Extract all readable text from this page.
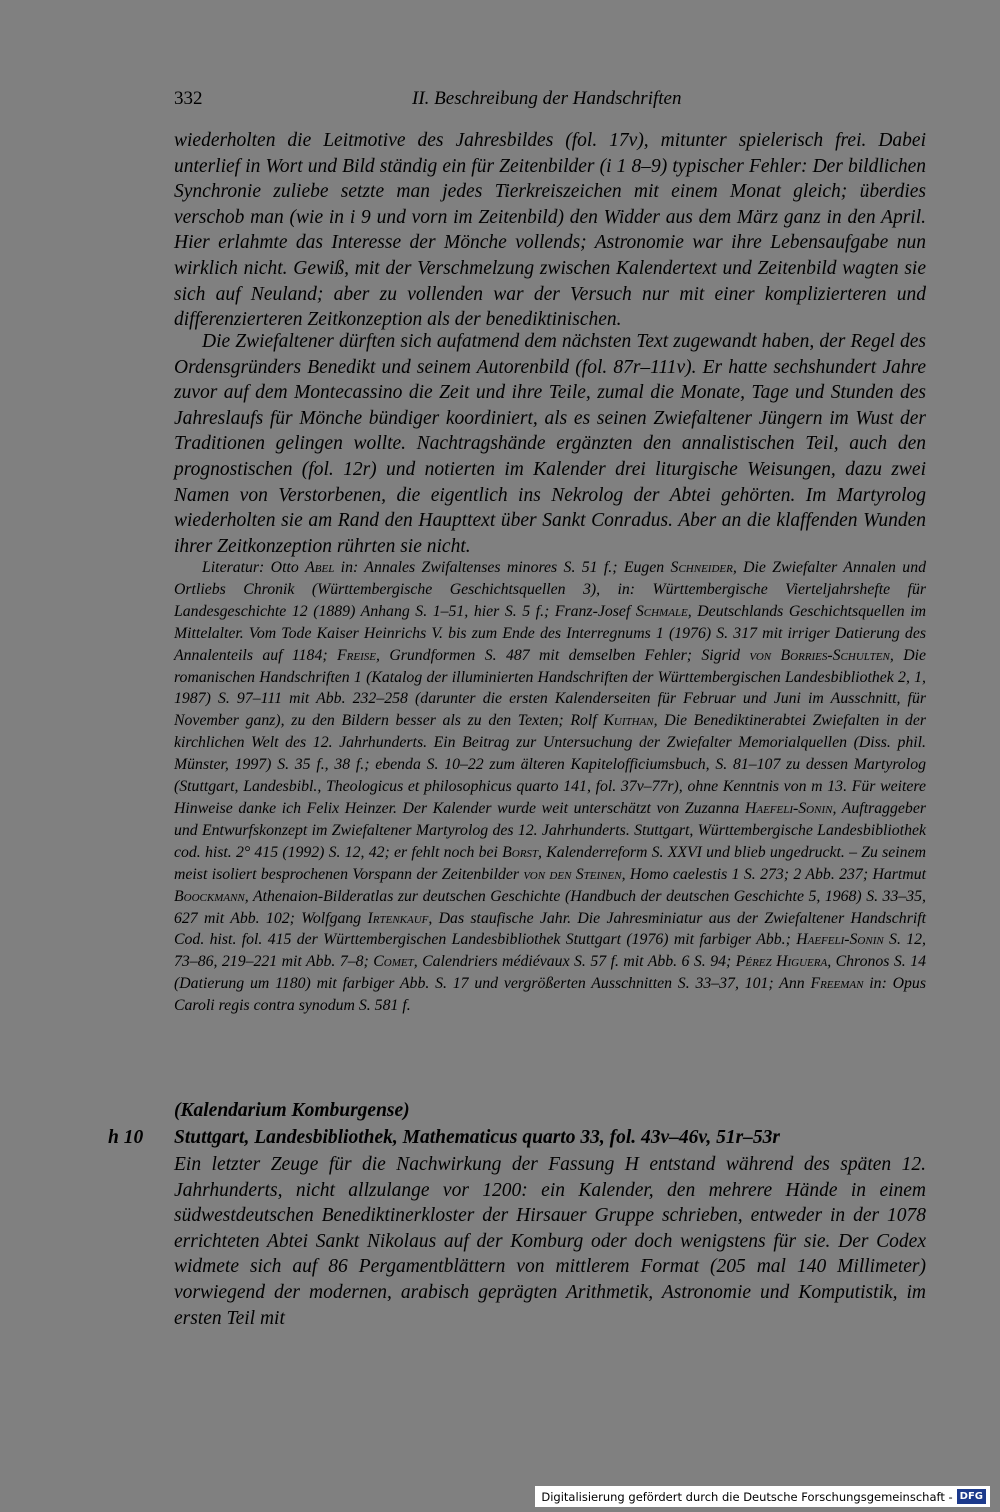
332	II. Beschreibung der Handschriften

wiederholten die Leitmotive des Jahresbildes (fol. 17v), mitunter spielerisch frei. Dabei unterlief in Wort und Bild ständig ein für Zeitenbilder (i 1 8–9) typischer Fehler: Der bildlichen Synchronie zuliebe setzte man jedes Tierkreiszeichen mit einem Monat gleich; überdies verschob man (wie in i 9 und vorn im Zeitenbild) den Widder aus dem März ganz in den April. Hier erlahmte das Interesse der Mönche vollends; Astronomie war ihre Lebensaufgabe nun wirklich nicht. Gewiß, mit der Verschmelzung zwischen Kalendertext und Zeitenbild wagten sie sich auf Neuland; aber zu vollenden war der Versuch nur mit einer komplizierteren und differenzierteren Zeitkonzeption als der benediktinischen.

Die Zwiefaltener dürften sich aufatmend dem nächsten Text zugewandt haben, der Regel des Ordensgründers Benedikt und seinem Autorenbild (fol. 87r–111v). Er hatte sechshundert Jahre zuvor auf dem Montecassino die Zeit und ihre Teile, zumal die Monate, Tage und Stunden des Jahreslaufs für Mönche bündiger koordiniert, als es seinen Zwiefaltener Jüngern im Wust der Traditionen gelingen wollte. Nachtragshände ergänzten den annalistischen Teil, auch den prognostischen (fol. 12r) und notierten im Kalender drei liturgische Weisungen, dazu zwei Namen von Verstorbenen, die eigentlich ins Nekrolog der Abtei gehörten. Im Martyrolog wiederholten sie am Rand den Haupttext über Sankt Conradus. Aber an die klaffenden Wunden ihrer Zeitkonzeption rührten sie nicht.

Literatur: Otto Abel in: Annales Zwifaltenses minores S. 51 f.; Eugen Schneider, Die Zwiefalter Annalen und Ortliebs Chronik (Württembergische Geschichtsquellen 3), in: Württembergische Vierteljahrshefte für Landesgeschichte 12 (1889) Anhang S. 1–51, hier S. 5 f.; Franz-Josef Schmale, Deutschlands Geschichtsquellen im Mittelalter. Vom Tode Kaiser Heinrichs V. bis zum Ende des Interregnums 1 (1976) S. 317 mit irriger Datierung des Annalenteils auf 1184; Freise, Grundformen S. 487 mit demselben Fehler; Sigrid von Borries-Schulten, Die romanischen Handschriften 1 (Katalog der illuminierten Handschriften der Württembergischen Landesbibliothek 2, 1, 1987) S. 97–111 mit Abb. 232–258 (darunter die ersten Kalenderseiten für Februar und Juni im Ausschnitt, für November ganz), zu den Bildern besser als zu den Texten; Rolf Kuithan, Die Benediktinerabtei Zwiefalten in der kirchlichen Welt des 12. Jahrhunderts. Ein Beitrag zur Untersuchung der Zwiefalter Memorialquellen (Diss. phil. Münster, 1997) S. 35 f., 38 f.; ebenda S. 10–22 zum älteren Kapitelofficiumsbuch, S. 81–107 zu dessen Martyrolog (Stuttgart, Landesbibl., Theologicus et philosophicus quarto 141, fol. 37v–77r), ohne Kenntnis von m 13. Für weitere Hinweise danke ich Felix Heinzer. Der Kalender wurde weit unterschätzt von Zuzanna Haefeli-Sonin, Auftraggeber und Entwurfskonzept im Zwiefaltener Martyrolog des 12. Jahrhunderts. Stuttgart, Württembergische Landesbibliothek cod. hist. 2° 415 (1992) S. 12, 42; er fehlt noch bei Borst, Kalenderreform S. XXVI und blieb ungedruckt. – Zu seinem meist isoliert besprochenen Vorspann der Zeitenbilder von den Steinen, Homo caelestis 1 S. 273; 2 Abb. 237; Hartmut Boockmann, Athenaion-Bilderatlas zur deutschen Geschichte (Handbuch der deutschen Geschichte 5, 1968) S. 33–35, 627 mit Abb. 102; Wolfgang Irtenkauf, Das staufische Jahr. Die Jahresminiatur aus der Zwiefaltener Handschrift Cod. hist. fol. 415 der Württembergischen Landesbibliothek Stuttgart (1976) mit farbiger Abb.; Haefeli-Sonin S. 12, 73–86, 219–221 mit Abb. 7–8; Comet, Calendriers médiévaux S. 57 f. mit Abb. 6 S. 94; Pérez Higuera, Chronos S. 14 (Datierung um 1180) mit farbiger Abb. S. 17 und vergrößerten Ausschnitten S. 33–37, 101; Ann Freeman in: Opus Caroli regis contra synodum S. 581 f.

(Kalendarium Komburgense)
h 10 Stuttgart, Landesbibliothek, Mathematicus quarto 33, fol. 43v–46v, 51r–53r

Ein letzter Zeuge für die Nachwirkung der Fassung H entstand während des späten 12. Jahrhunderts, nicht allzulange vor 1200: ein Kalender, den mehrere Hände in einem südwestdeutschen Benediktinerkloster der Hirsauer Gruppe schrieben, entweder in der 1078 errichteten Abtei Sankt Nikolaus auf der Komburg oder doch wenigstens für sie. Der Codex widmete sich auf 86 Pergamentblättern von mittlerem Format (205 mal 140 Millimeter) vorwiegend der modernen, arabisch geprägten Arithmetik, Astronomie und Komputistik, im ersten Teil mit

Digitalisierung gefördert durch die Deutsche Forschungsgemeinschaft - DFG
